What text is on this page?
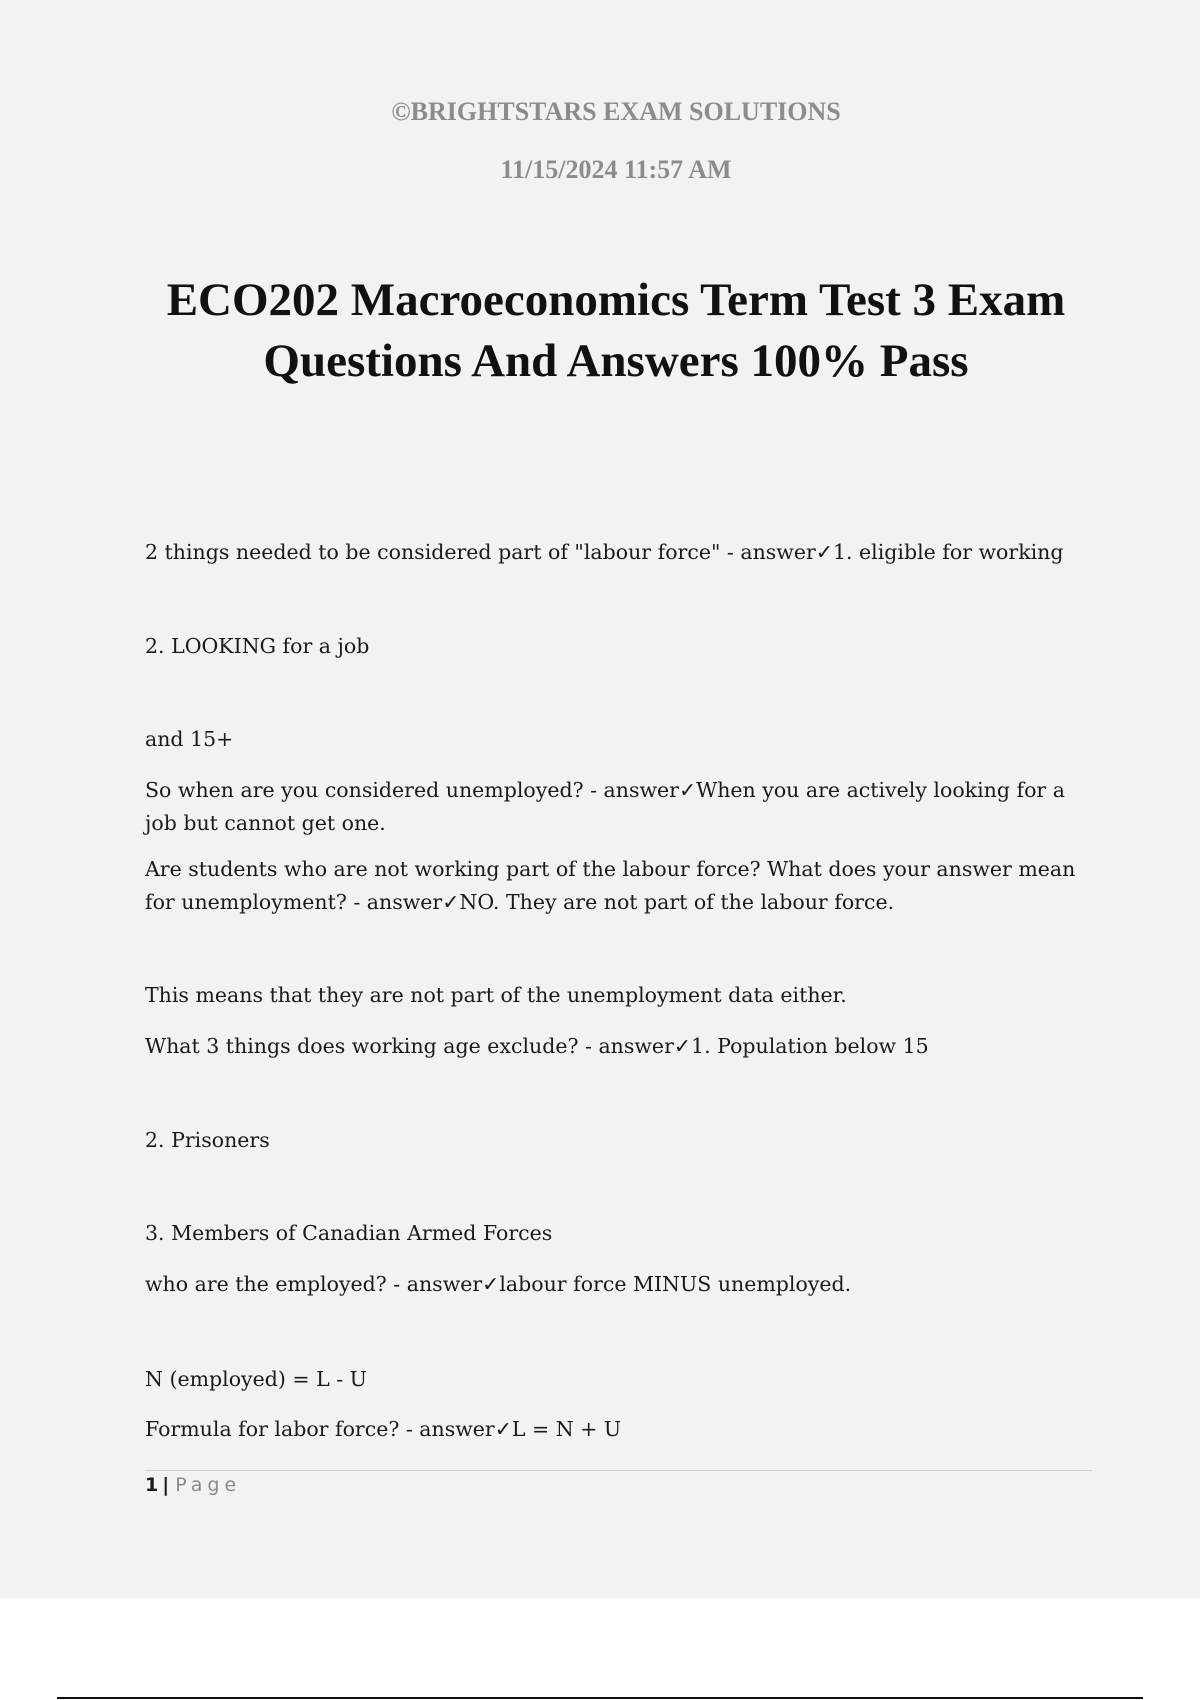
©BRIGHTSTARS EXAM SOLUTIONS
11/15/2024 11:57 AM
ECO202 Macroeconomics Term Test 3 Exam
Questions And Answers 100% Pass
2 things needed to be considered part of "labour force" - answer✓1. eligible for working
2. LOOKING for a job
and 15+
So when are you considered unemployed? - answer✓When you are actively looking for a
job but cannot get one.
Are students who are not working part of the labour force? What does your answer mean
for unemployment? - answer✓NO. They are not part of the labour force.
This means that they are not part of the unemployment data either.
What 3 things does working age exclude? - answer✓1. Population below 15
2. Prisoners
3. Members of Canadian Armed Forces
who are the employed? - answer✓labour force MINUS unemployed.
N (employed) = L - U
Formula for labor force? - answer✓L = N + U
1 | Page
